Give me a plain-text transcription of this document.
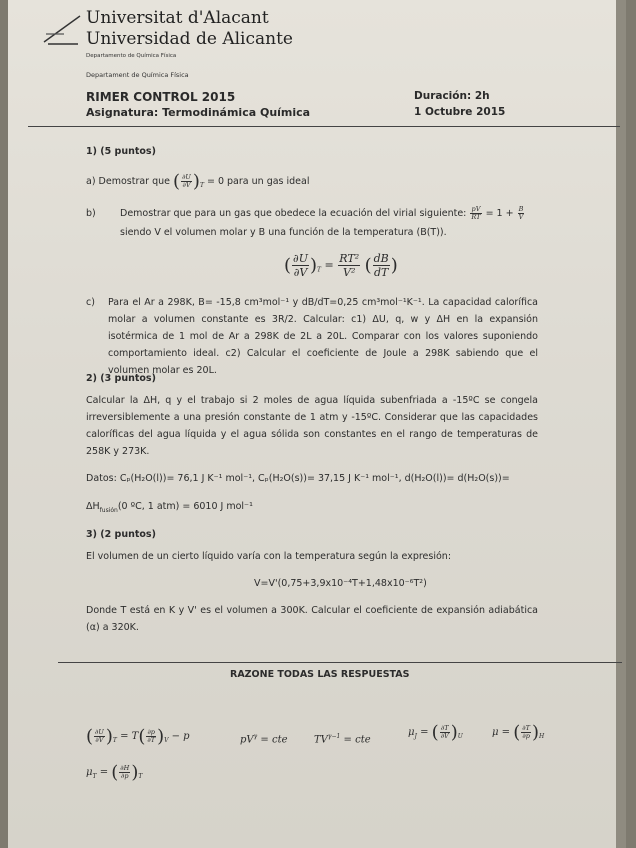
Universitat d'Alacant
Universidad de Alicante
Departamento de Química Física
Departament de Química Física
RIMER CONTROL 2015
Asignatura: Termodinámica Química
Duración: 2h
1 Octubre 2015
1) (5 puntos)
a) Demostrar que ( $\frac{\partial U}{\partial V} )_T = 0$ para un gas ideal
b)	Demostrar que para un gas que obedece la ecuación del virial siguiente: $\frac{pV}{RT} = 1 + \frac{B}{V}$
siendo V el volumen molar y B una función de la temperatura (B(T)).
( $\frac{\partial U}{\partial V} )_T = \frac{\text{RT²}}{\text{V²}}$ ( $\frac{dB}{dT}$ )
c) Para el Ar a 298K, B= -15,8 cm³mol⁻¹ y dB/dT=0,25 cm³mol⁻¹K⁻¹. La capacidad calorífica molar a volumen constante es 3R/2. Calcular: c1) ΔU, q, w y ΔH en la expansión isotérmica de 1 mol de Ar a 298K de 2L a 20L. Comparar con los valores suponiendo comportamiento ideal. c2) Calcular el coeficiente de Joule a 298K sabiendo que el volumen molar es 20L.
2) (3 puntos)
Calcular la ΔH, q y el trabajo si 2 moles de agua líquida subenfriada a -15ºC se congela irreversiblemente a una presión constante de 1 atm y -15ºC. Considerar que las capacidades caloríficas del agua líquida y el agua sólida son constantes en el rango de temperaturas de 258K y 273K.
Datos: Cₚ(H₂O(l))= 76,1 J K⁻¹ mol⁻¹, Cₚ(H₂O(s))= 37,15 J K⁻¹ mol⁻¹, d(H₂O(l))= d(H₂O(s))=
$\Delta H_{fusión}(0$ ºC, 1 atm) = 6010 J mol⁻¹
3) (2 puntos)
El volumen de un cierto líquido varía con la temperatura según la expresión:
V=V'(0,75+3,9x10⁻⁴T+1,48x10⁻⁶T²)
Donde T está en K y V' es el volumen a 300K. Calcular el coeficiente de expansión adiabática (α) a 320K.
RAZONE TODAS LAS RESPUESTAS
( $\frac{\partial U}{\partial V} )_T = T( \frac{\partial p}{\partial T} )_V - p$	$pV^\gamma$ = cte	$TV^{\gamma-1}$ = cte
$\mu_J$ = ( $\frac{\partial T}{\partial V} )_U$	μ = ( $\frac{\partial T}{\partial p} )_H$
$\mu_T$ = ( $\frac{\partial H}{\partial p} )_T$
